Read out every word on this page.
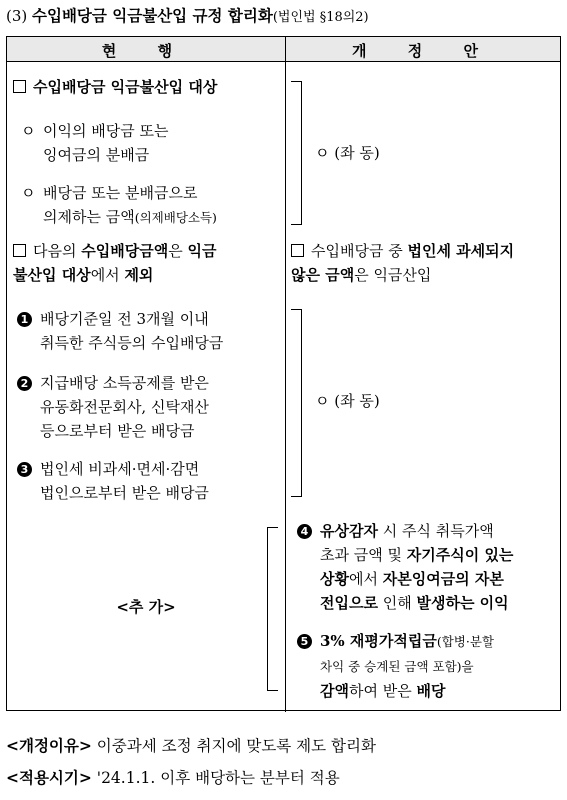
(3) 수입배당금 익금불산입 규정 합리화(법인법 §18의2)
현 행	개 정 안
수입배당금 익금불산입 대상
ㅇ 이익의 배당금 또는
잉여금의 분배금
ㅇ 배당금 또는 분배금으로
의제하는 금액(의제배당소득)
다음의 수입배당금액은 익금
불산입 대상에서 제외
1 배당기준일 전 3개월 이내
취득한 주식등의 수입배당금
2 지급배당 소득공제를 받은
유동화전문회사, 신탁재산
등으로부터 받은 배당금
3 법인세 비과세·면세·감면
법인으로부터 받은 배당금
<추 가>
ㅇ (좌 동)
수입배당금 중 법인세 과세되지
않은 금액은 익금산입
ㅇ (좌 동)
4 유상감자 시 주식 취득가액
초과 금액 및 자기주식이 있는
상황에서 자본잉여금의 자본
전입으로 인해 발생하는 이익
5 3% 재평가적립금(합병·분할
차익 중 승계된 금액 포함)을
감액하여 받은 배당
<개정이유> 이중과세 조정 취지에 맞도록 제도 합리화
<적용시기> '24.1.1. 이후 배당하는 분부터 적용
